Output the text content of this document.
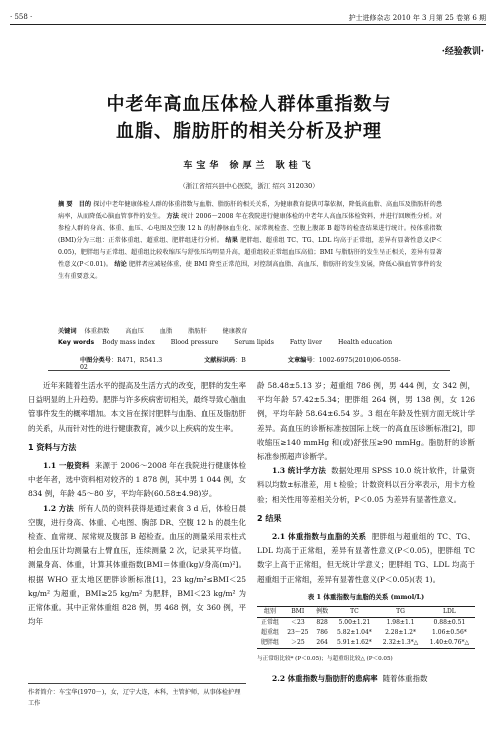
· 558 ·	护士进修杂志 2010 年 3 月第 25 卷第 6 期
·经验教训·
中老年高血压体检人群体重指数与
血脂、脂肪肝的相关分析及护理
车宝华 徐厚兰 耿桂飞
（浙江省绍兴县中心医院，浙江 绍兴 312030）
摘 要 目的 探讨中老年健康体检人群的体重指数与血脂、脂肪肝的相关关系，为健康教育提供可靠依据，降低高血脂、高血压及脂肪肝的患病率，从而降低心脑血管事件的发生。 方法 统计 2006～2008 年在我院进行健康体检的中老年人高血压体检资料，并进行回顾性分析。对参检人群的身高、体重、血压、心电图及空腹 12 h 的肘静脉血生化、尿常规检查、空腹上腹部 B 超等的检查结果进行统计。按体重指数(BMI)分为三组：正常体重组、超重组、肥胖组进行分析。 结果 肥胖组、超重组 TC、TG、LDL 均高于正常组，差异有显著性意义(P＜0.05)，肥胖组与正常组、超重组比较收缩压与舒张压均明显升高，超重组较正常组血压高值；BMI 与脂肪肝的发生呈正相关，差异有显著性意义(P＜0.01)。 结论 肥胖者应减轻体重，使 BMI 降至正常范围，对控制高血脂、高血压、脂肪肝的发生发展，降低心脑血管事件的发生有重要意义。
关键词 体重指数	高血压	血脂	脂肪肝	健康教育
Key words Body mass index	Blood pressure	Serum lipids	Fatty liver	Health education
中图分类号：R471，R541.3	文献标识码：B	文章编号：1002-6975(2010)06-0558-02

近年来随着生活水平的提高及生活方式的改变，肥胖的发生率日益明显的上升趋势。肥胖与许多疾病密切相关，最终导致心脑血管事件发生的概率增加。本文旨在探讨肥胖与血脂、血压及脂肪肝的关系，从而针对性的进行健康教育，减少以上疾病的发生率。

1 资料与方法

1.1 一般资料 来源于 2006～2008 年在我院进行健康体检中老年者，选中资料相对较齐的 1 878 例，其中男 1 044 例，女 834 例，年龄 45～80 岁，平均年龄(60.58±4.98)岁。

1.2 方法 所有人员的资料获得是通过素食 3 d 后，体检日晨空腹，进行身高、体重、心电图、胸部 DR、空腹 12 h 的晨生化检查、血常规、尿常规及腹部 B 超检查。血压的测量采用汞柱式柏会血压计均测量右上臂血压，连续测量 2 次，记录其平均值。测量身高、体重，计算其体重指数[BMI＝体重(kg)/身高(m)²]。根据 WHO 亚太地区肥胖诊断标准[1]，23 kg/m²≤BMI＜25 kg/m² 为超重，BMI≥25 kg/m² 为肥胖，BMI＜23 kg/m² 为正常体重。其中正常体重组 828 例，男 468 例，女 360 例，平均年

作者简介：车宝华(1970－)，女，辽宁大连，本科，主管护师，从事体检护理工作

龄 58.48±5.13 岁；超重组 786 例，男 444 例，女 342 例，平均年龄 57.42±5.34；肥胖组 264 例，男 138 例，女 126 例，平均年龄 58.64±6.54 岁。3 组在年龄及性别方面无统计学差异。高血压的诊断标准按国际上统一的高血压诊断标准[2]，即收缩压≥140 mmHg 和(或)舒张压≥90 mmHg。脂肪肝的诊断标准参照超声诊断学。

1.3 统计学方法 数据处理用 SPSS 10.0 统计软件，计量资料以均数±标准差，用 t 检验；计数资料以百分率表示，用卡方检验；相关性用等差相关分析，P＜0.05 为差异有显著性意义。

2 结果

2.1 体重指数与血脂的关系 肥胖组与超重组的 TC、TG、LDL 均高于正常组，差异有显著性意义(P＜0.05)，肥胖组 TC 数字上高于正常组，但无统计学意义；肥胖组 TG、LDL 均高于超重组于正常组，差异有显著性意义(P＜0.05)(表 1)。

表 1 体重指数与血脂的关系 (mmol/L)
组别	BMI	例数	TC	TG	LDL
正常组	＜23	828	5.00±1.21	1.98±1.1	0.88±0.51
超重组	23～25	786	5.82±1.04*	2.28±1.2*	1.06±0.56*
肥胖组	＞25	264	5.91±1.62*	2.32±1.3*△	1.40±0.76*△

与正常组比较* (P＜0.05)；与超重组比较△ (P＜0.05)

2.2 体重指数与脂肪肝的患病率 随着体重指数
